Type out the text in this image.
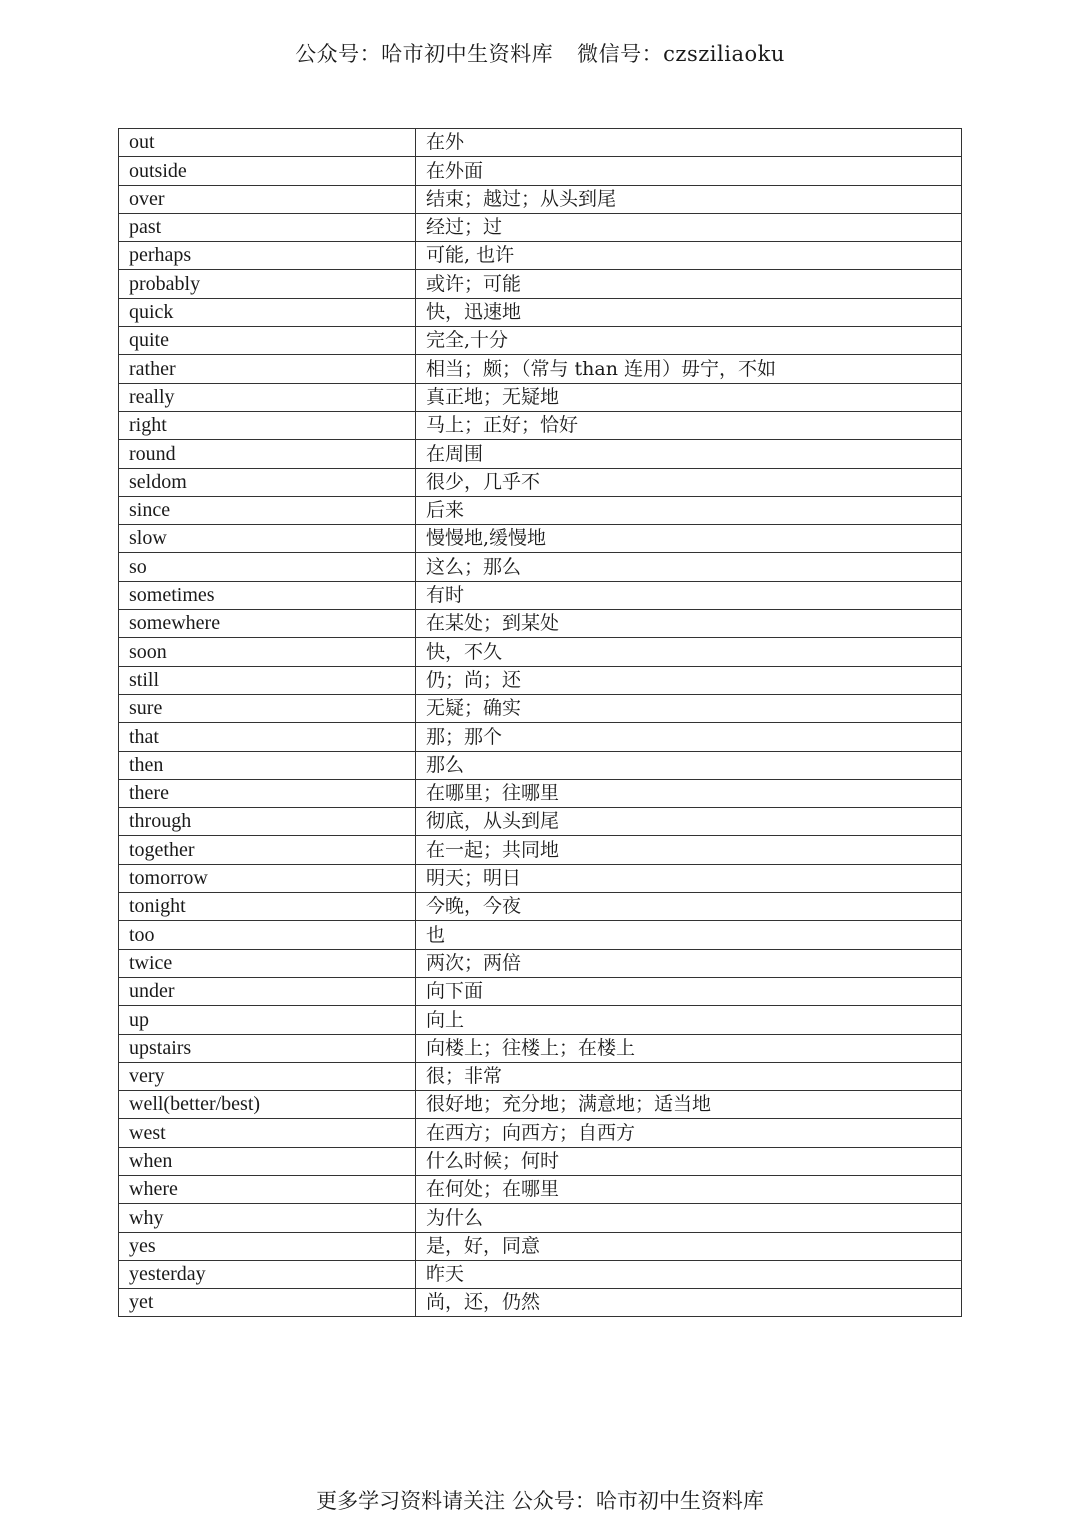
公众号：哈市初中生资料库 微信号：czsziliaoku
out	在外
outside	在外面
over	结束；越过；从头到尾
past	经过；过
perhaps	可能, 也许
probably	或许；可能
quick	快，迅速地
quite	完全,十分
rather	相当；颇；（常与 than 连用）毋宁，不如
really	真正地；无疑地
right	马上；正好；恰好
round	在周围
seldom	很少，几乎不
since	后来
slow	慢慢地,缓慢地
so	这么；那么
sometimes	有时
somewhere	在某处；到某处
soon	快，不久
still	仍；尚；还
sure	无疑；确实
that	那；那个
then	那么
there	在哪里；往哪里
through	彻底，从头到尾
together	在一起；共同地
tomorrow	明天；明日
tonight	今晚，今夜
too	也
twice	两次；两倍
under	向下面
up	向上
upstairs	向楼上；往楼上；在楼上
very	很；非常
well(better/best)	很好地；充分地；满意地；适当地
west	在西方；向西方；自西方
when	什么时候；何时
where	在何处；在哪里
why	为什么
yes	是，好，同意
yesterday	昨天
yet	尚，还，仍然
更多学习资料请关注 公众号：哈市初中生资料库
